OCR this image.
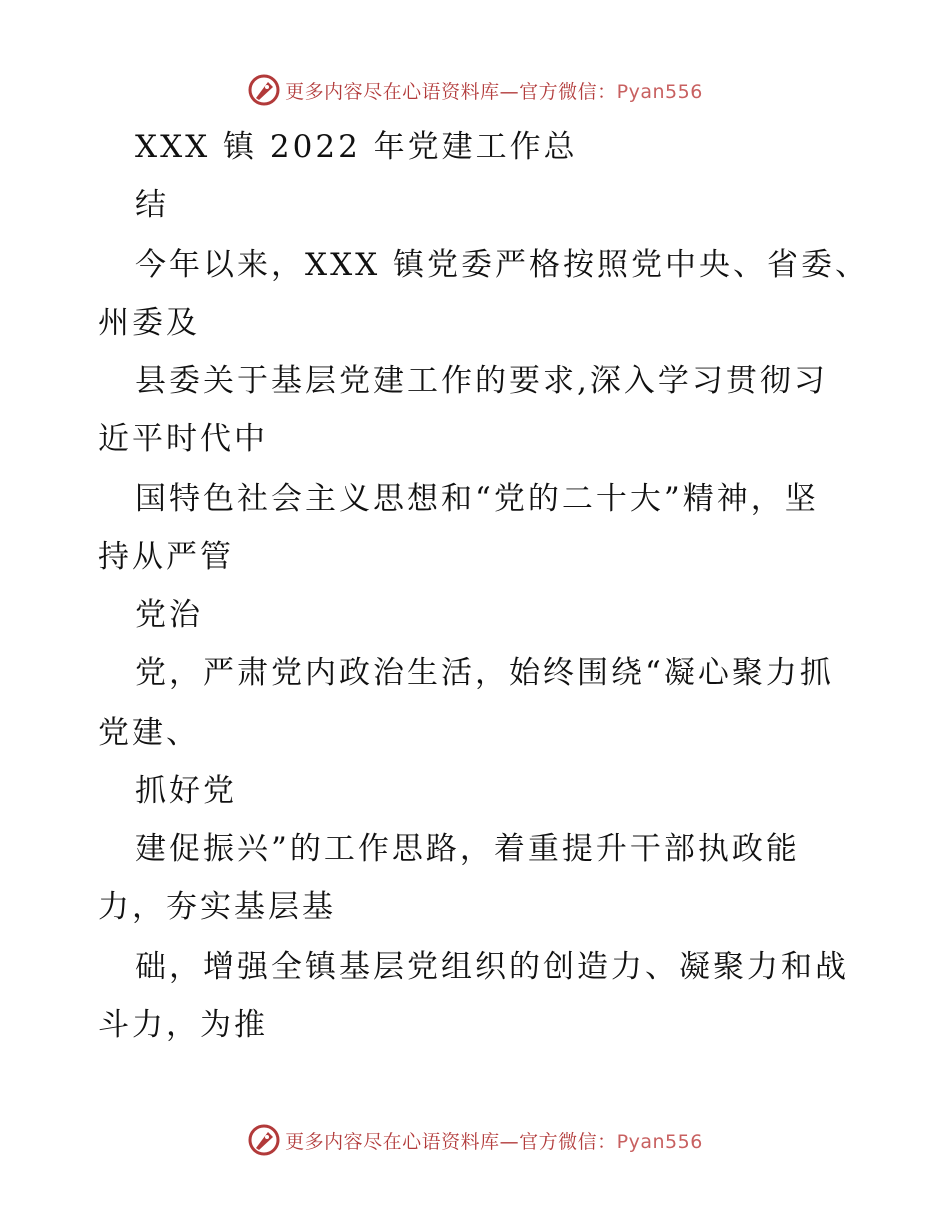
更多内容尽在心语资料库—官方微信：Pyan556
XXX 镇 2022 年党建工作总
结
今年以来，XXX 镇党委严格按照党中央、省委、
州委及
县委关于基层党建工作的要求,深入学习贯彻习
近平时代中
国特色社会主义思想和“党的二十大”精神，坚
持从严管
党治
党，严肃党内政治生活，始终围绕“凝心聚力抓
党建、
抓好党
建促振兴”的工作思路，着重提升干部执政能
力，夯实基层基
础，增强全镇基层党组织的创造力、凝聚力和战
斗力，为推
更多内容尽在心语资料库—官方微信：Pyan556
